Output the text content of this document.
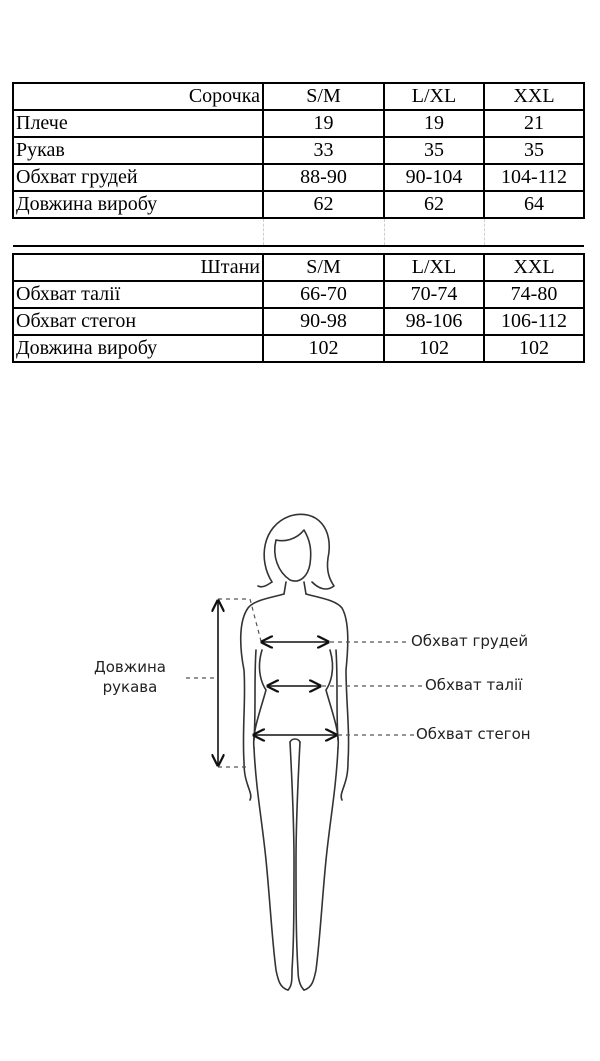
Сорочка	S/M	L/XL	XXL
Плече	19	19	21
Рукав	33	35	35
Обхват грудей	88-90	90-104	104-112
Довжина виробу	62	62	64

Штани	S/M	L/XL	XXL
Обхват талії	66-70	70-74	74-80
Обхват стегон	90-98	98-106	106-112
Довжина виробу	102	102	102
Довжина
рукава
Обхват грудей
Обхват талії
Обхват стегон
